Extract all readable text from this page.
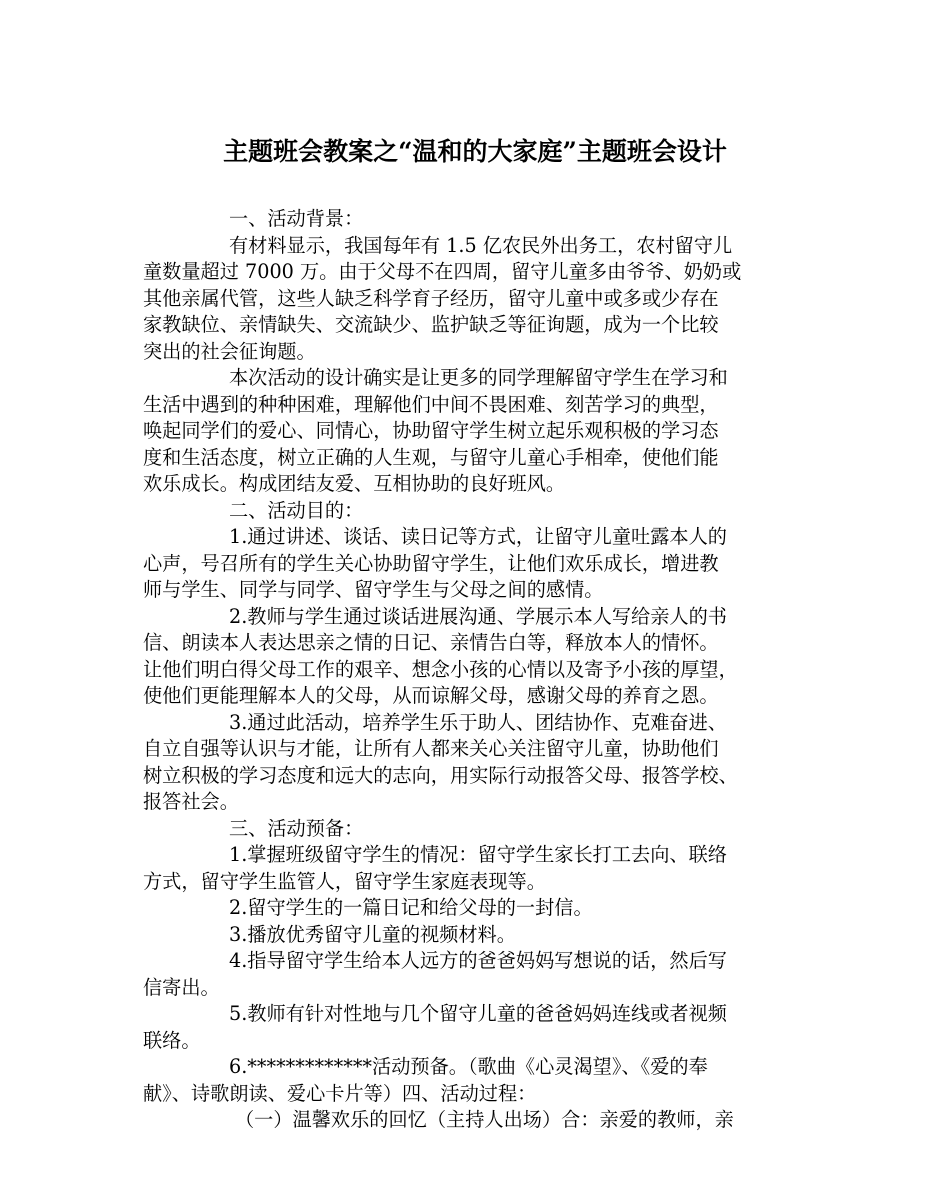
主题班会教案之“温和的大家庭”主题班会设计

一、活动背景：

有材料显示，我国每年有 1.5 亿农民外出务工，农村留守儿

童数量超过 7000 万。由于父母不在四周，留守儿童多由爷爷、奶奶或

其他亲属代管，这些人缺乏科学育子经历，留守儿童中或多或少存在

家教缺位、亲情缺失、交流缺少、监护缺乏等征询题，成为一个比较

突出的社会征询题。

本次活动的设计确实是让更多的同学理解留守学生在学习和

生活中遇到的种种困难，理解他们中间不畏困难、刻苦学习的典型，

唤起同学们的爱心、同情心，协助留守学生树立起乐观积极的学习态

度和生活态度，树立正确的人生观，与留守儿童心手相牵，使他们能

欢乐成长。构成团结友爱、互相协助的良好班风。

二、活动目的：

1.通过讲述、谈话、读日记等方式，让留守儿童吐露本人的

心声，号召所有的学生关心协助留守学生，让他们欢乐成长，增进教

师与学生、同学与同学、留守学生与父母之间的感情。

2.教师与学生通过谈话进展沟通、学展示本人写给亲人的书

信、朗读本人表达思亲之情的日记、亲情告白等，释放本人的情怀。

让他们明白得父母工作的艰辛、想念小孩的心情以及寄予小孩的厚望，

使他们更能理解本人的父母，从而谅解父母，感谢父母的养育之恩。

3.通过此活动，培养学生乐于助人、团结协作、克难奋进、

自立自强等认识与才能，让所有人都来关心关注留守儿童，协助他们

树立积极的学习态度和远大的志向，用实际行动报答父母、报答学校、

报答社会。

三、活动预备：

1.掌握班级留守学生的情况：留守学生家长打工去向、联络

方式，留守学生监管人，留守学生家庭表现等。

2.留守学生的一篇日记和给父母的一封信。

3.播放优秀留守儿童的视频材料。

4.指导留守学生给本人远方的爸爸妈妈写想说的话，然后写

信寄出。

5.教师有针对性地与几个留守儿童的爸爸妈妈连线或者视频

联络。

6.*************活动预备。（歌曲《心灵渴望》、《爱的奉

献》、诗歌朗读、爱心卡片等）四、活动过程：

（一）温馨欢乐的回忆（主持人出场）合：亲爱的教师，亲
